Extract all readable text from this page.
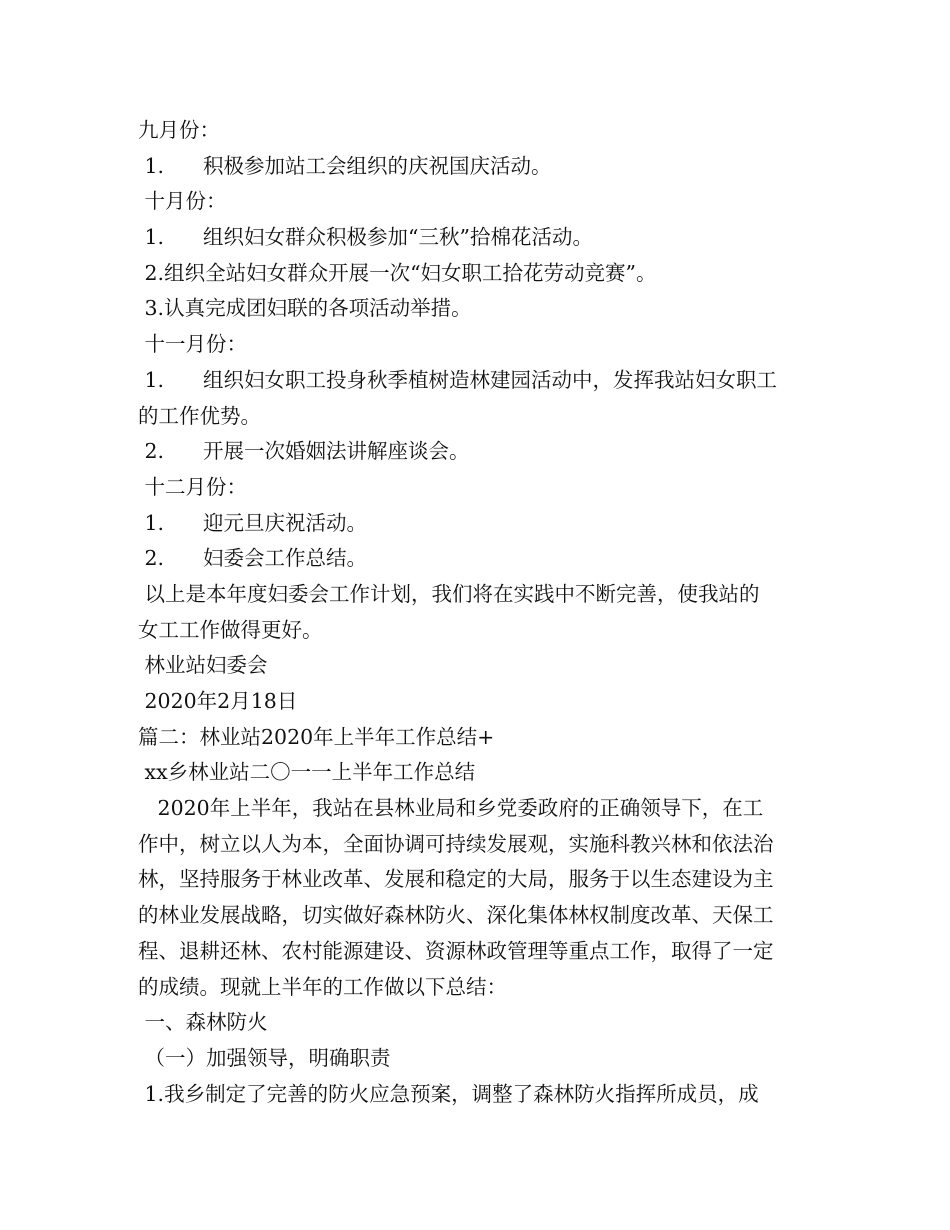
九月份：
1. 积极参加站工会组织的庆祝国庆活动。
十月份：
1. 组织妇女群众积极参加“三秋”拾棉花活动。
2.组织全站妇女群众开展一次“妇女职工拾花劳动竞赛”。
3.认真完成团妇联的各项活动举措。
十一月份：
1. 组织妇女职工投身秋季植树造林建园活动中，发挥我站妇女职工
的工作优势。
2. 开展一次婚姻法讲解座谈会。
十二月份：
1. 迎元旦庆祝活动。
2. 妇委会工作总结。
以上是本年度妇委会工作计划，我们将在实践中不断完善，使我站的
女工工作做得更好。
林业站妇委会
2020年2月18日
篇二：林业站2020年上半年工作总结+
xx乡林业站二〇一一上半年工作总结
2020年上半年，我站在县林业局和乡党委政府的正确领导下，在工
作中，树立以人为本，全面协调可持续发展观，实施科教兴林和依法治
林，坚持服务于林业改革、发展和稳定的大局，服务于以生态建设为主
的林业发展战略，切实做好森林防火、深化集体林权制度改革、天保工
程、退耕还林、农村能源建设、资源林政管理等重点工作，取得了一定
的成绩。现就上半年的工作做以下总结：
一、森林防火
（一）加强领导，明确职责
1.我乡制定了完善的防火应急预案，调整了森林防火指挥所成员，成
